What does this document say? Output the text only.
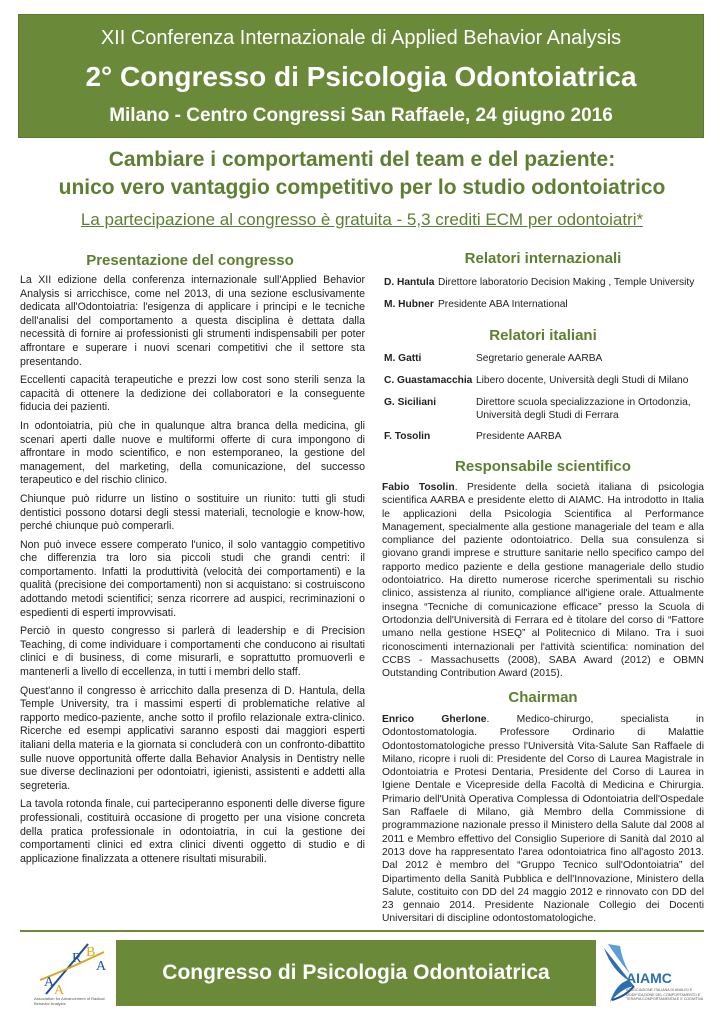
XII Conferenza Internazionale di Applied Behavior Analysis
2° Congresso di Psicologia Odontoiatrica
Milano - Centro Congressi San Raffaele, 24 giugno 2016
Cambiare i comportamenti del team e del paziente:
unico vero vantaggio competitivo per lo studio odontoiatrico
La partecipazione al congresso è gratuita - 5,3 crediti ECM per odontoiatri*
Presentazione del congresso

La XII edizione della conferenza internazionale sull'Applied Behavior Analysis si arricchisce, come nel 2013, di una sezione esclusivamente dedicata all'Odontoiatria: l'esigenza di applicare i principi e le tecniche dell'analisi del comportamento a questa disciplina è dettata dalla necessità di fornire ai professionisti gli strumenti indispensabili per poter affrontare e superare i nuovi scenari competitivi che il settore sta presentando.

Eccellenti capacità terapeutiche e prezzi low cost sono sterili senza la capacità di ottenere la dedizione dei collaboratori e la conseguente fiducia dei pazienti.

In odontoiatria, più che in qualunque altra branca della medicina, gli scenari aperti dalle nuove e multiformi offerte di cura impongono di affrontare in modo scientifico, e non estemporaneo, la gestione del management, del marketing, della comunicazione, del successo terapeutico e del rischio clinico.

Chiunque può ridurre un listino o sostituire un riunito: tutti gli studi dentistici possono dotarsi degli stessi materiali, tecnologie e know-how, perché chiunque può comperarli.

Non può invece essere comperato l'unico, il solo vantaggio competitivo che differenzia tra loro sia piccoli studi che grandi centri: il comportamento. Infatti la produttività (velocità dei comportamenti) e la qualità (precisione dei comportamenti) non si acquistano: si costruiscono adottando metodi scientifici; senza ricorrere ad auspici, recriminazioni o espedienti di esperti improvvisati.

Perciò in questo congresso si parlerà di leadership e di Precision Teaching, di come individuare i comportamenti che conducono ai risultati clinici e di business, di come misurarli, e soprattutto promuoverli e mantenerli a livello di eccellenza, in tutti i membri dello staff.

Quest'anno il congresso è arricchito dalla presenza di D. Hantula, della Temple University, tra i massimi esperti di problematiche relative al rapporto medico-paziente, anche sotto il profilo relazionale extra-clinico. Ricerche ed esempi applicativi saranno esposti dai maggiori esperti italiani della materia e la giornata si concluderà con un confronto-dibattito sulle nuove opportunità offerte dalla Behavior Analysis in Dentistry nelle sue diverse declinazioni per odontoiatri, igienisti, assistenti e addetti alla segreteria.

La tavola rotonda finale, cui parteciperanno esponenti delle diverse figure professionali, costituirà occasione di progetto per una visione concreta della pratica professionale in odontoiatria, in cui la gestione dei comportamenti clinici ed extra clinici diventi oggetto di studio e di applicazione finalizzata a ottenere risultati misurabili.

Relatori internazionali
D. Hantula	Direttore laboratorio Decision Making , Temple University
M. Hubner	Presidente ABA International
Relatori italiani
M. Gatti	Segretario generale AARBA
C. Guastamacchia	Libero docente, Università degli Studi di Milano
G. Siciliani	Direttore scuola specializzazione in Ortodonzia, Università degli Studi di Ferrara
F. Tosolin	Presidente AARBA
Responsabile scientifico
Fabio Tosolin. Presidente della società italiana di psicologia scientifica AARBA e presidente eletto di AIAMC. Ha introdotto in Italia le applicazioni della Psicologia Scientifica al Performance Management, specialmente alla gestione manageriale del team e alla compliance del paziente odontoiatrico. Della sua consulenza si giovano grandi imprese e strutture sanitarie nello specifico campo del rapporto medico paziente e della gestione manageriale dello studio odontoiatrico. Ha diretto numerose ricerche sperimentali su rischio clinico, assistenza al riunito, compliance all'igiene orale. Attualmente insegna “Tecniche di comunicazione efficace” presso la Scuola di Ortodonzia dell'Università di Ferrara ed è titolare del corso di “Fattore umano nella gestione HSEQ” al Politecnico di Milano. Tra i suoi riconoscimenti internazionali per l'attività scientifica: nomination del CCBS - Massachusetts (2008), SABA Award (2012) e OBMN Outstanding Contribution Award (2015).
Chairman
Enrico Gherlone. Medico-chirurgo, specialista in Odontostomatologia. Professore Ordinario di Malattie Odontostomatologiche presso l'Università Vita-Salute San Raffaele di Milano, ricopre i ruoli di: Presidente del Corso di Laurea Magistrale in Odontoiatria e Protesi Dentaria, Presidente del Corso di Laurea in Igiene Dentale e Vicepreside della Facoltà di Medicina e Chirurgia. Primario dell'Unità Operativa Complessa di Odontoiatria dell'Ospedale San Raffaele di Milano, già Membro della Commissione di programmazione nazionale presso il Ministero della Salute dal 2008 al 2011 e Membro effettivo del Consiglio Superiore di Sanità dal 2010 al 2013 dove ha rappresentato l'area odontoiatrica fino all'agosto 2013. Dal 2012 è membro del “Gruppo Tecnico sull'Odontoiatria” del Dipartimento della Sanità Pubblica e dell'Innovazione, Ministero della Salute, costituito con DD del 24 maggio 2012 e rinnovato con DD del 23 gennaio 2014. Presidente Nazionale Collegio dei Docenti Universitari di discipline odontostomatologiche.
R B
A
A
A
Association for Advancement of Radical Behavior Analysis
Congresso di Psicologia Odontoiatrica	AIAMC
ASSOCIAZIONE ITALIANA DI ANALISI E MODIFICAZIONE DEL COMPORTAMENTO E TERAPIA COMPORTAMENTALE E COGNITIVA
